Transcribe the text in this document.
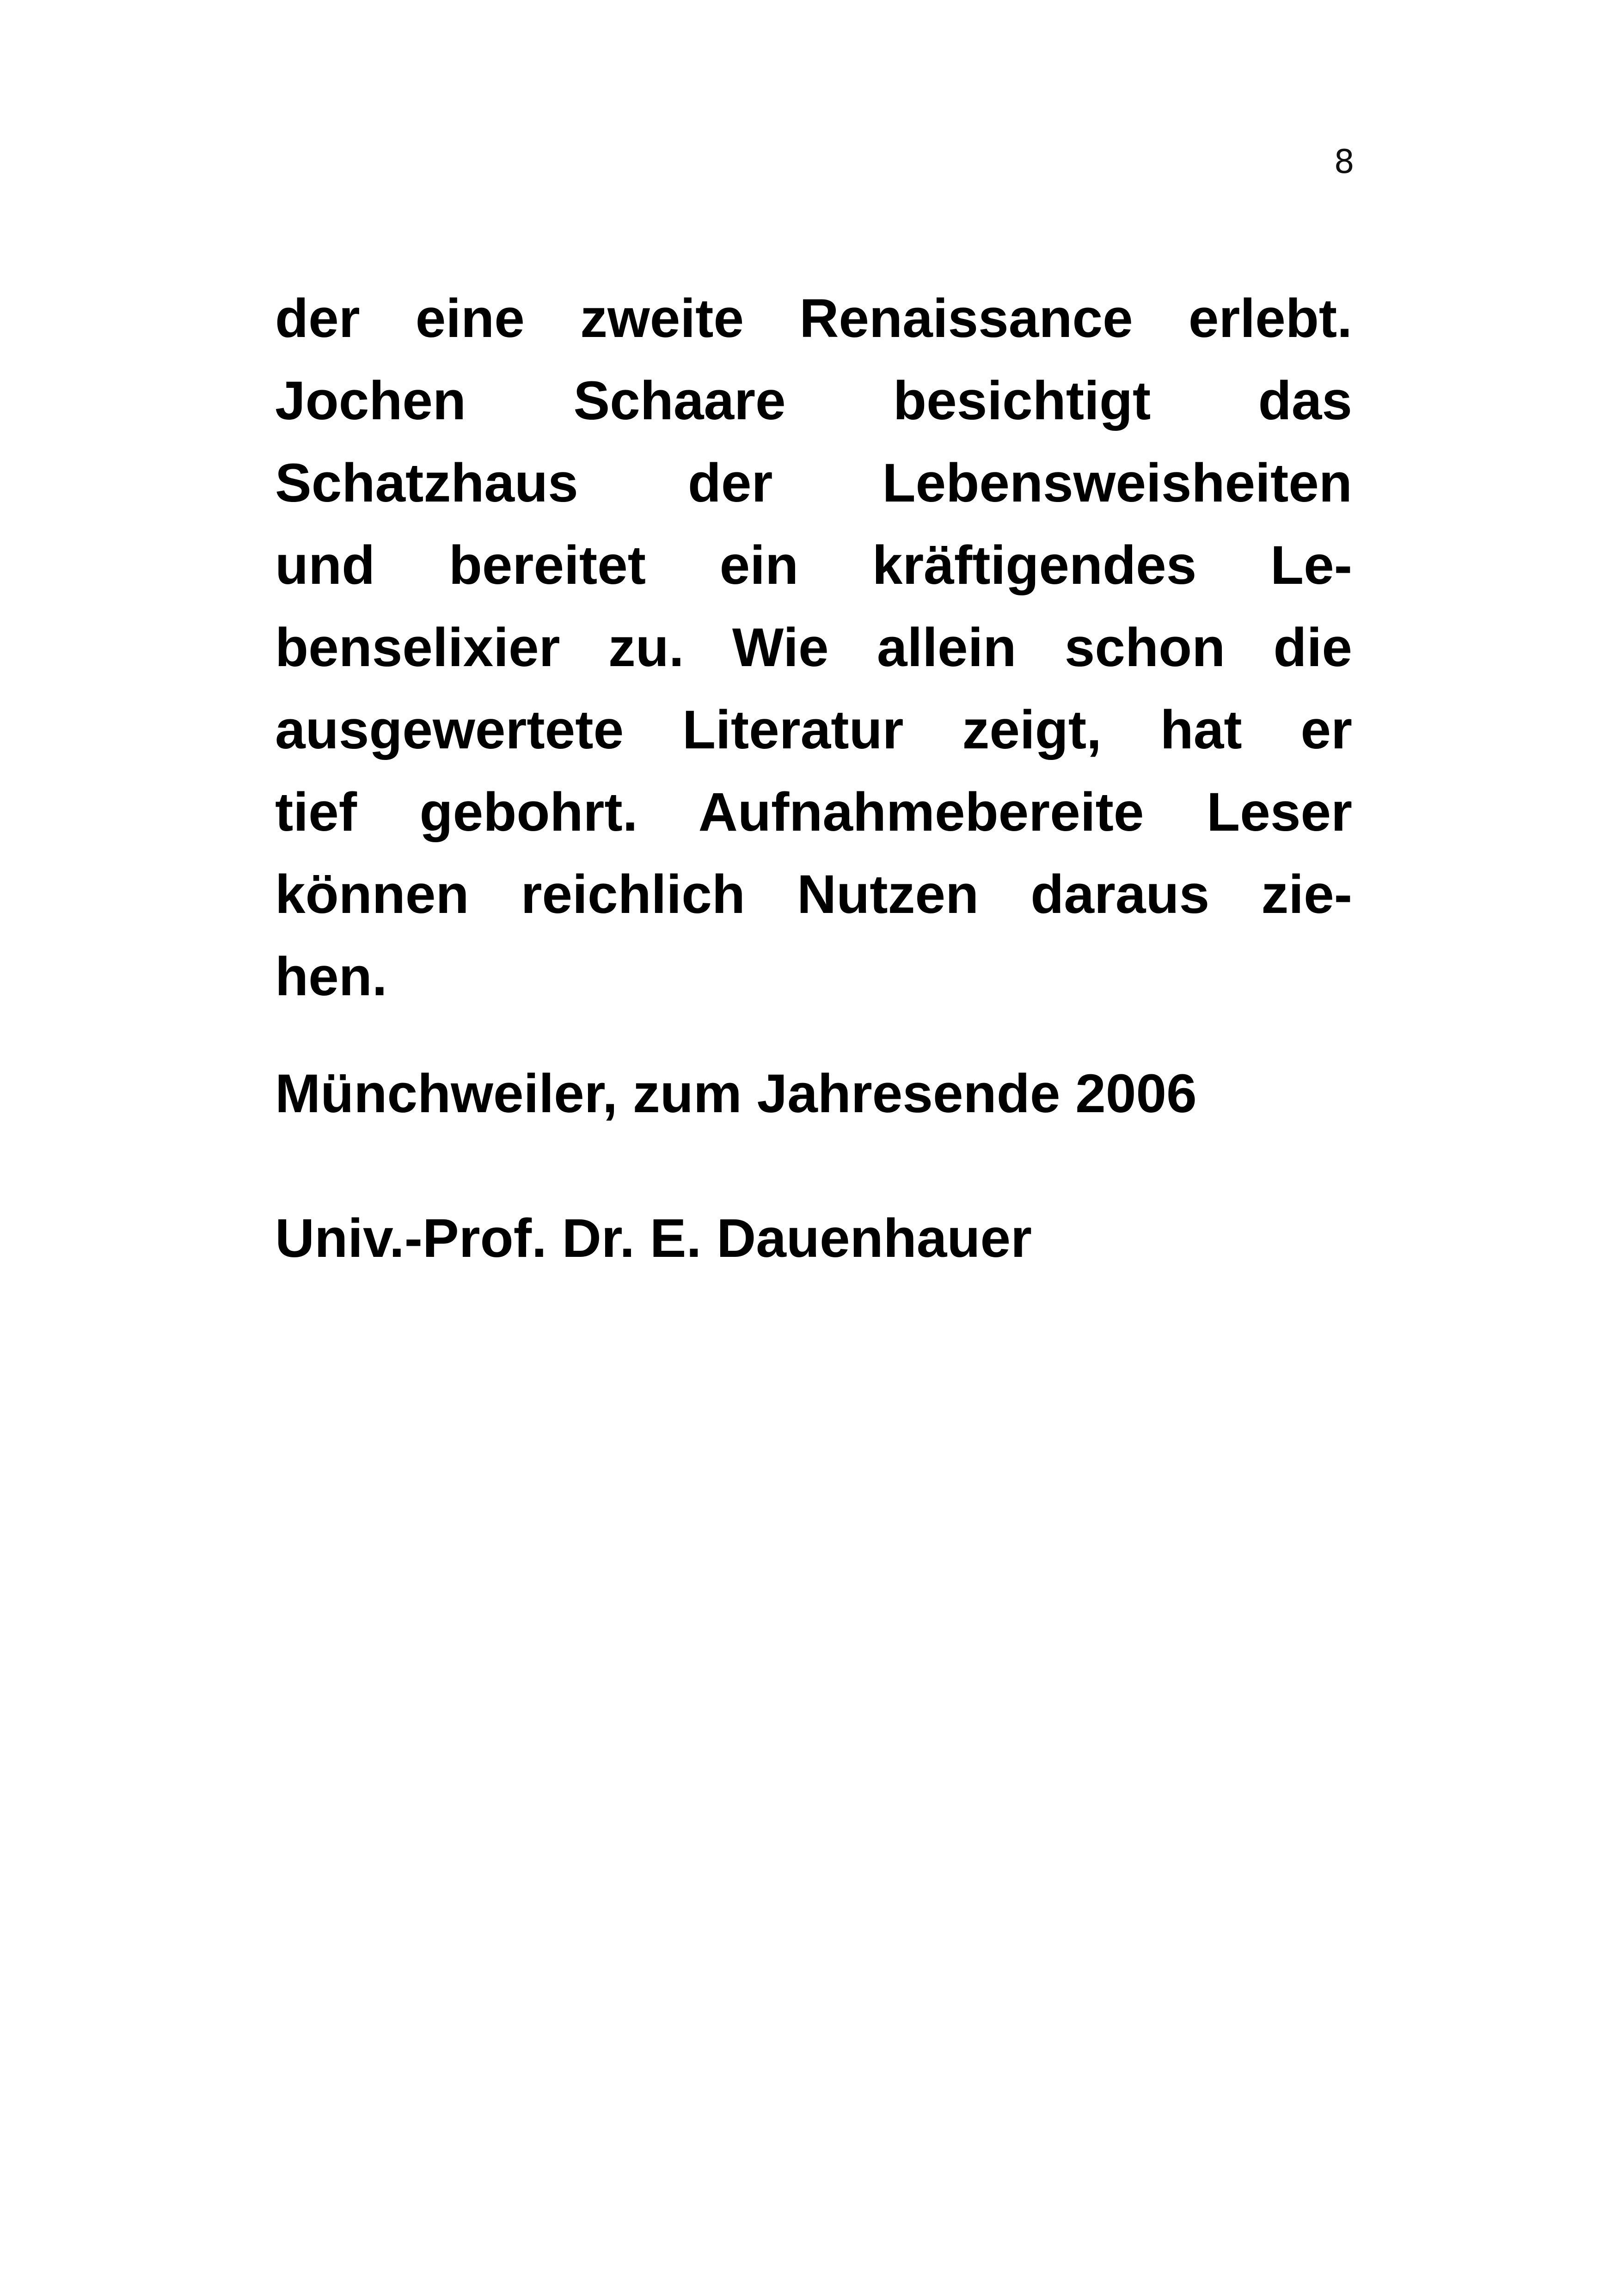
8
der eine zweite Renaissance erlebt.
Jochen Schaare besichtigt das
Schatzhaus der Lebensweisheiten
und bereitet ein kräftigendes Le-
benselixier zu. Wie allein schon die
ausgewertete Literatur zeigt, hat er
tief gebohrt. Aufnahmebereite Leser
können reichlich Nutzen daraus zie-
hen.
Münchweiler, zum Jahresende 2006
Univ.-Prof. Dr. E. Dauenhauer
